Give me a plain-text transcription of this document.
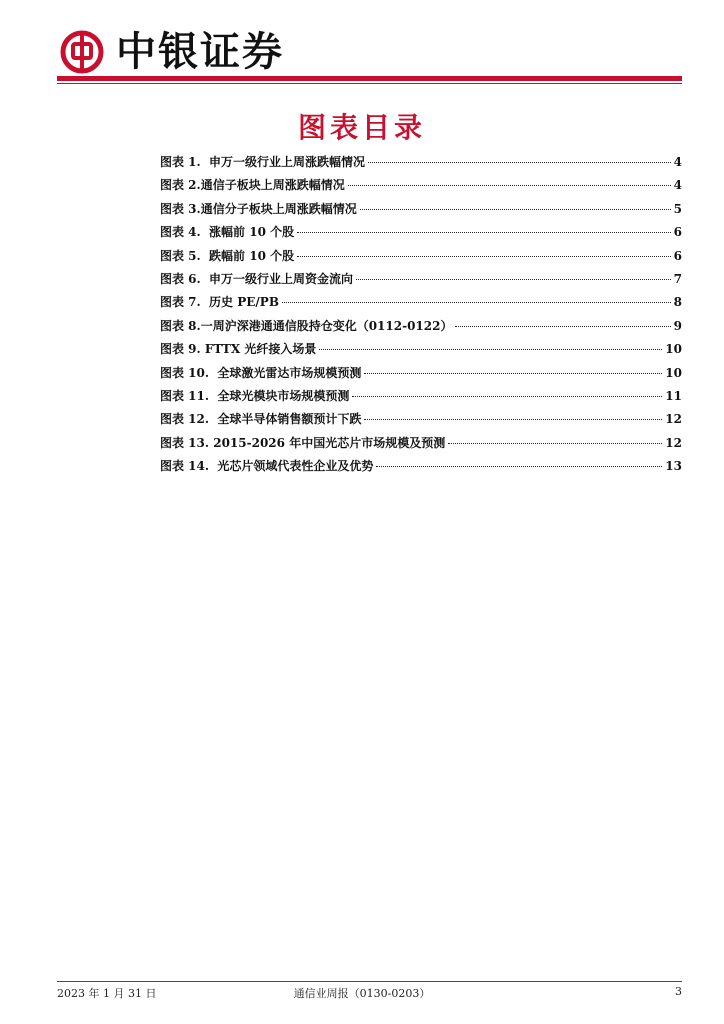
中银证券
图表目录
图表 1.  申万一级行业上周涨跌幅情况	4
图表 2.通信子板块上周涨跌幅情况	4
图表 3.通信分子板块上周涨跌幅情况	5
图表 4.  涨幅前 10 个股	6
图表 5.  跌幅前 10 个股	6
图表 6.  申万一级行业上周资金流向	7
图表 7.  历史 PE/PB	8
图表 8.一周沪深港通通信股持仓变化（0112-0122）	9
图表 9. FTTX 光纤接入场景	10
图表 10.  全球激光雷达市场规模预测	10
图表 11.  全球光模块市场规模预测	11
图表 12.  全球半导体销售额预计下跌	12
图表 13. 2015-2026 年中国光芯片市场规模及预测	12
图表 14.  光芯片领域代表性企业及优势	13
2023 年 1 月 31 日	通信业周报（0130-0203）	3
